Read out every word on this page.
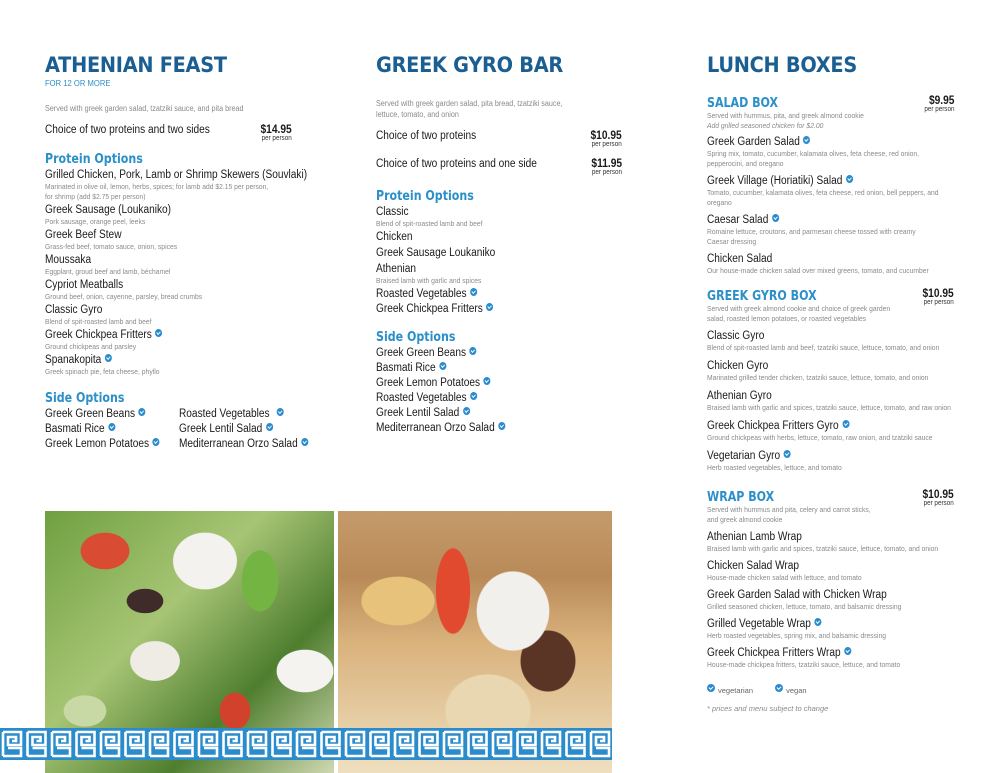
ATHENIAN FEAST
FOR 12 OR MORE
Served with greek garden salad, tzatziki sauce, and pita bread
Choice of two proteins and two sides	$14.95
per person
Protein Options
Grilled Chicken, Pork, Lamb or Shrimp Skewers (Souvlaki)
Marinated in olive oil, lemon, herbs, spices; for lamb add $2.15 per person,
for shrimp (add $2.75 per person)
Greek Sausage (Loukaniko)
Pork sausage, orange peel, leeks
Greek Beef Stew
Grass-fed beef, tomato sauce, onion, spices
Moussaka
Eggplant, groud beef and lamb, béchamel
Cypriot Meatballs
Ground beef, onion, cayenne, parsley, bread crumbs
Classic Gyro
Blend of spit-roasted lamb and beef
Greek Chickpea Fritters
Ground chickpeas and parsley
Spanakopita
Greek spinach pie, feta cheese, phyllo
Side Options
Greek Green Beans	Roasted Vegetables
Basmati Rice	Greek Lentil Salad
Greek Lemon Potatoes	Mediterranean Orzo Salad
GREEK GYRO BAR
Served with greek garden salad, pita bread, tzatziki sauce, lettuce, tomato, and onion
Choice of two proteins	$10.95
per person
Choice of two proteins and one side	$11.95
per person
Protein Options
Classic
Blend of spit-roasted lamb and beef
Chicken
Greek Sausage Loukaniko
Athenian
Braised lamb with garlic and spices
Roasted Vegetables
Greek Chickpea Fritters
Side Options
Greek Green Beans
Basmati Rice
Greek Lemon Potatoes
Roasted Vegetables
Greek Lentil Salad
Mediterranean Orzo Salad
LUNCH BOXES
SALAD BOX	$9.95
per person
Served with hummus, pita, and greek almond cookie
Add grilled seasoned chicken for $2.00
Greek Garden Salad
Spring mix, tomato, cucumber, kalamata olives, feta cheese, red onion, pepperocini, and oregano
Greek Village (Horiatiki) Salad
Tomato, cucumber, kalamata olives, feta cheese, red onion, bell peppers, and oregano
Caesar Salad
Romaine lettuce, croutons, and parmesan cheese tossed with creamy Caesar dressing
Chicken Salad
Our house-made chicken salad over mixed greens, tomato, and cucumber
GREEK GYRO BOX	$10.95
per person
Served with greek almond cookie and choice of greek garden salad, roasted lemon potatoes, or roasted vegetables
Classic Gyro
Blend of spit-roasted lamb and beef, tzatziki sauce, lettuce, tomato, and onion
Chicken Gyro
Marinated grilled tender chicken, tzatziki sauce, lettuce, tomato, and onion
Athenian Gyro
Braised lamb with garlic and spices, tzatziki sauce, lettuce, tomato, and raw onion
Greek Chickpea Fritters Gyro
Ground chickpeas with herbs, lettuce, tomato, raw onion, and tzatziki sauce
Vegetarian Gyro
Herb roasted vegetables, lettuce, and tomato
WRAP BOX	$10.95
per person
Served with hummus and pita, celery and carrot sticks, and greek almond cookie
Athenian Lamb Wrap
Braised lamb with garlic and spices, tzatziki sauce, lettuce, tomato, and onion
Chicken Salad Wrap
House-made chicken salad with lettuce, and tomato
Greek Garden Salad with Chicken Wrap
Grilled seasoned chicken, lettuce, tomato, and balsamic dressing
Grilled Vegetable Wrap
Herb roasted vegetables, spring mix, and balsamic dressing
Greek Chickpea Fritters Wrap
House-made chickpea fritters, tzatziki sauce, lettuce, and tomato
vegetarian	vegan
* prices and menu subject to change
